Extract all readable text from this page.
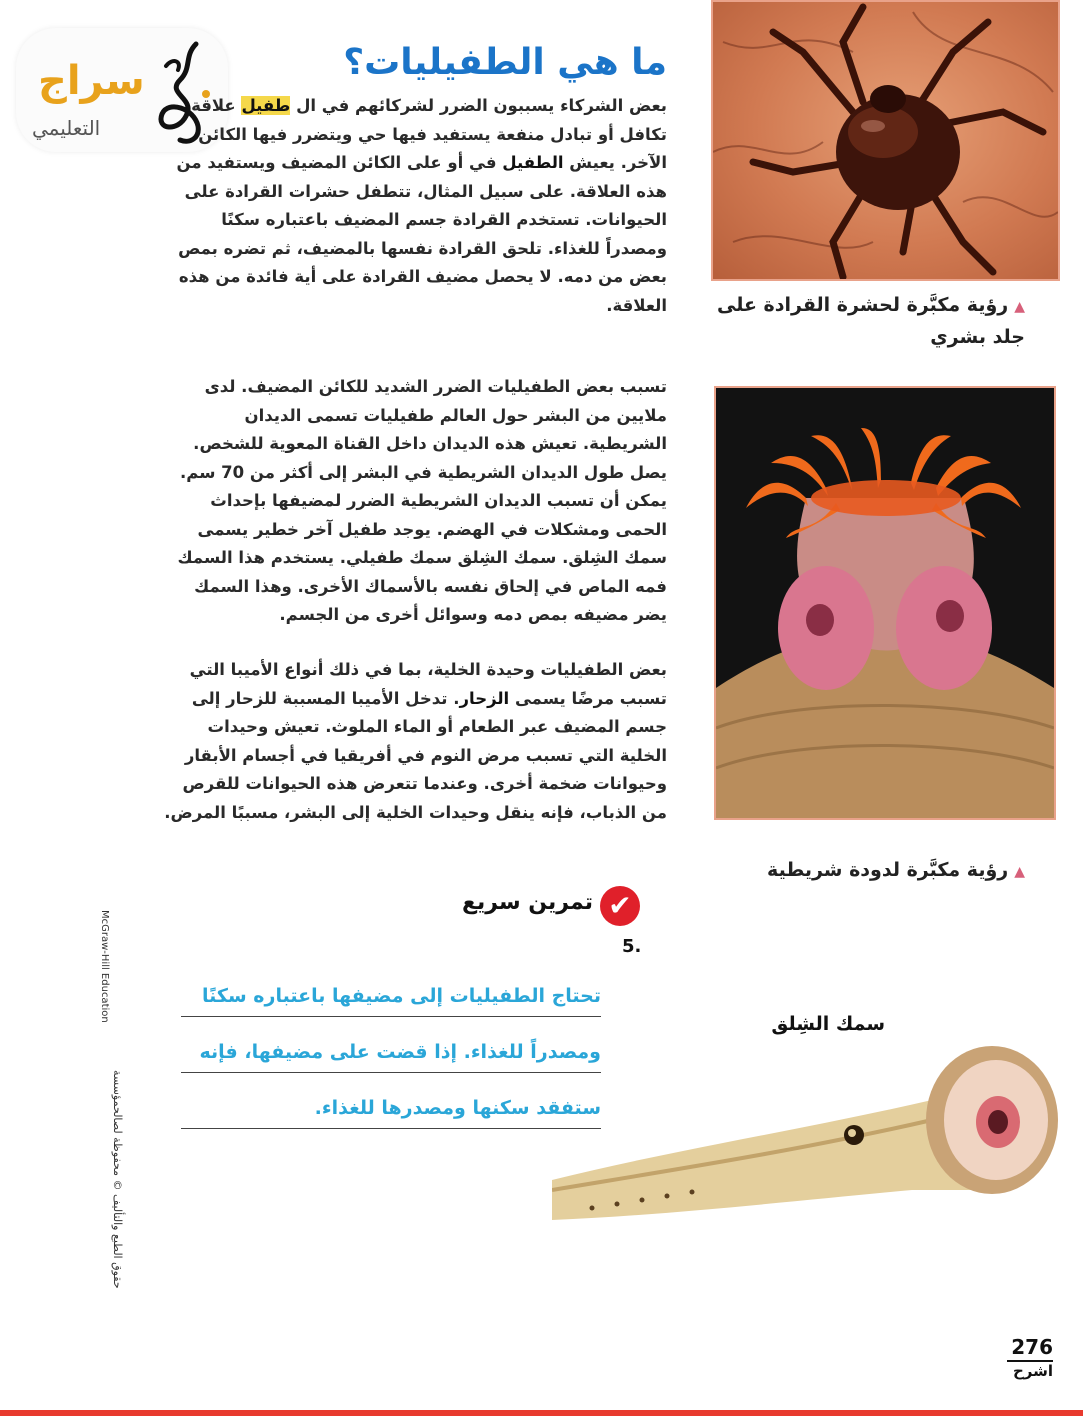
سراج
التعليمي
ما هي الطفيليات؟
بعض الشركاء يسببون الضرر لشركائهم في ال طفيل علاقة تكافل أو تبادل منفعة يستفيد فيها حي ويتضرر فيها الكائن الآخر. يعيش الطفيل في أو على الكائن المضيف ويستفيد من هذه العلاقة. على سبيل المثال، تتطفل حشرات القرادة على الحيوانات. تستخدم القرادة جسم المضيف باعتباره سكنًا ومصدراً للغذاء. تلحق القرادة نفسها بالمضيف، ثم تضره بمص بعض من دمه. لا يحصل مضيف القرادة على أية فائدة من هذه العلاقة.
تسبب بعض الطفيليات الضرر الشديد للكائن المضيف. لدى ملايين من البشر حول العالم طفيليات تسمى الديدان الشريطية. تعيش هذه الديدان داخل القناة المعوية للشخص. يصل طول الديدان الشريطية في البشر إلى أكثر من 70 سم. يمكن أن تسبب الديدان الشريطية الضرر لمضيفها بإحداث الحمى ومشكلات في الهضم. يوجد طفيل آخر خطير يسمى سمك الشِلق. سمك الشِلق سمك طفيلي. يستخدم هذا السمك فمه الماص في إلحاق نفسه بالأسماك الأخرى. وهذا السمك يضر مضيفه بمص دمه وسوائل أخرى من الجسم.
بعض الطفيليات وحيدة الخلية، بما في ذلك أنواع الأميبا التي تسبب مرضًا يسمى الزحار. تدخل الأميبا المسببة للزحار إلى جسم المضيف عبر الطعام أو الماء الملوث. تعيش وحيدات الخلية التي تسبب مرض النوم في أفريقيا في أجسام الأبقار وحيوانات ضخمة أخرى. وعندما تتعرض هذه الحيوانات للقرص من الذباب، فإنه ينقل وحيدات الخلية إلى البشر، مسببًا المرض.
▲رؤية مكبَّرة لحشرة القرادة على جلد بشري
▲رؤية مكبَّرة لدودة شريطية
✔
تمرين سريع
5.
تحتاج الطفيليات إلى مضيفها باعتباره سكنًا
ومصدراً للغذاء. إذا قضت على مضيفها، فإنه
ستفقد سكنها ومصدرها للغذاء.
سمك الشِلق
McGraw-Hill Education
حقوق الطبع والتأليف © محفوظة لصالحمؤسسة
276
اشرح
